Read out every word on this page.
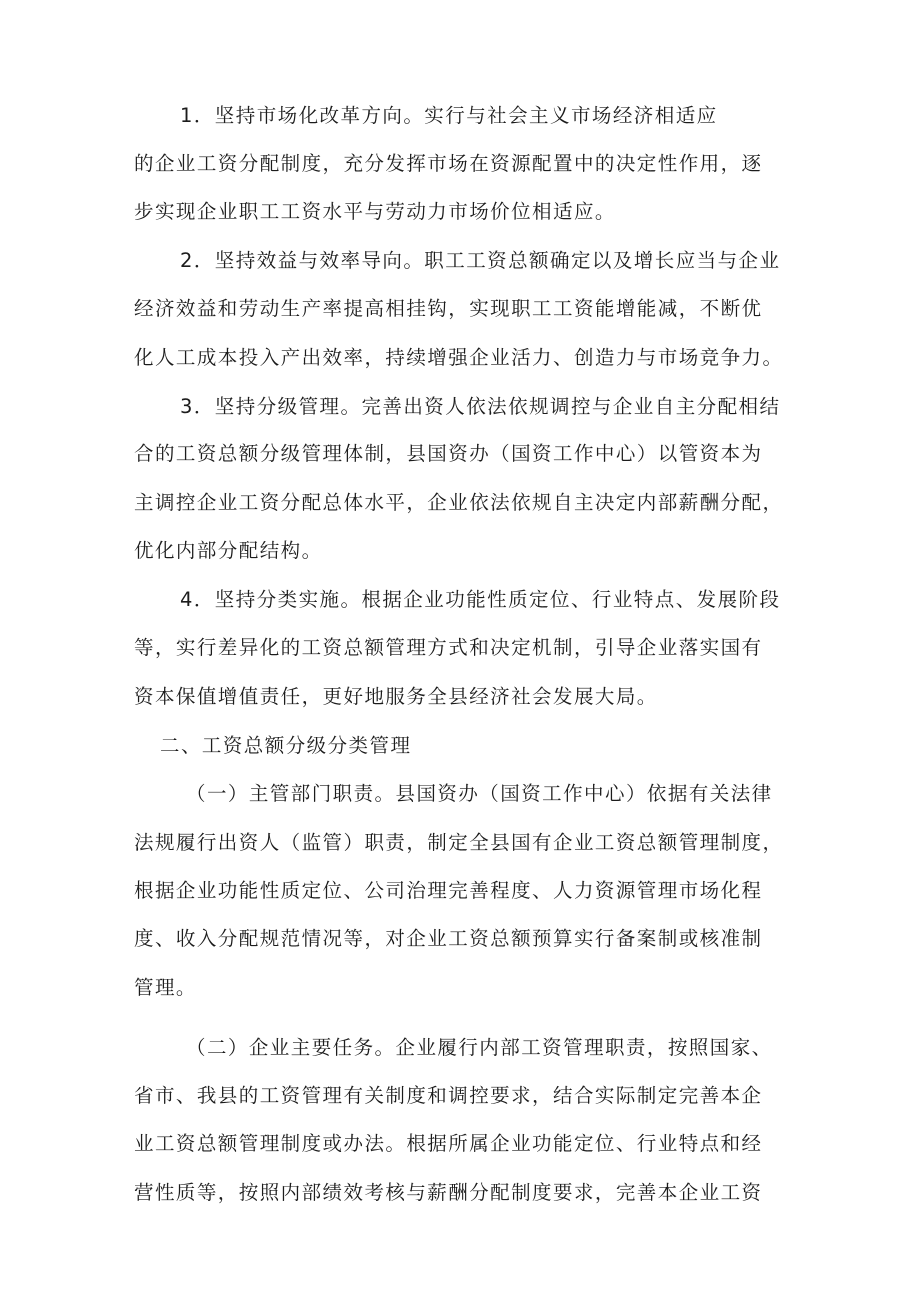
1．坚持市场化改革方向。实行与社会主义市场经济相适应
的企业工资分配制度，充分发挥市场在资源配置中的决定性作用，逐
步实现企业职工工资水平与劳动力市场价位相适应。
2．坚持效益与效率导向。职工工资总额确定以及增长应当与企业
经济效益和劳动生产率提高相挂钩，实现职工工资能增能减，不断优
化人工成本投入产出效率，持续增强企业活力、创造力与市场竞争力。
3．坚持分级管理。完善出资人依法依规调控与企业自主分配相结
合的工资总额分级管理体制，县国资办（国资工作中心）以管资本为
主调控企业工资分配总体水平，企业依法依规自主决定内部薪酬分配，
优化内部分配结构。
4．坚持分类实施。根据企业功能性质定位、行业特点、发展阶段
等，实行差异化的工资总额管理方式和决定机制，引导企业落实国有
资本保值增值责任，更好地服务全县经济社会发展大局。
二、工资总额分级分类管理
（一）主管部门职责。县国资办（国资工作中心）依据有关法律
法规履行出资人（监管）职责，制定全县国有企业工资总额管理制度，
根据企业功能性质定位、公司治理完善程度、人力资源管理市场化程
度、收入分配规范情况等，对企业工资总额预算实行备案制或核准制
管理。
（二）企业主要任务。企业履行内部工资管理职责，按照国家、
省市、我县的工资管理有关制度和调控要求，结合实际制定完善本企
业工资总额管理制度或办法。根据所属企业功能定位、行业特点和经
营性质等，按照内部绩效考核与薪酬分配制度要求，完善本企业工资
